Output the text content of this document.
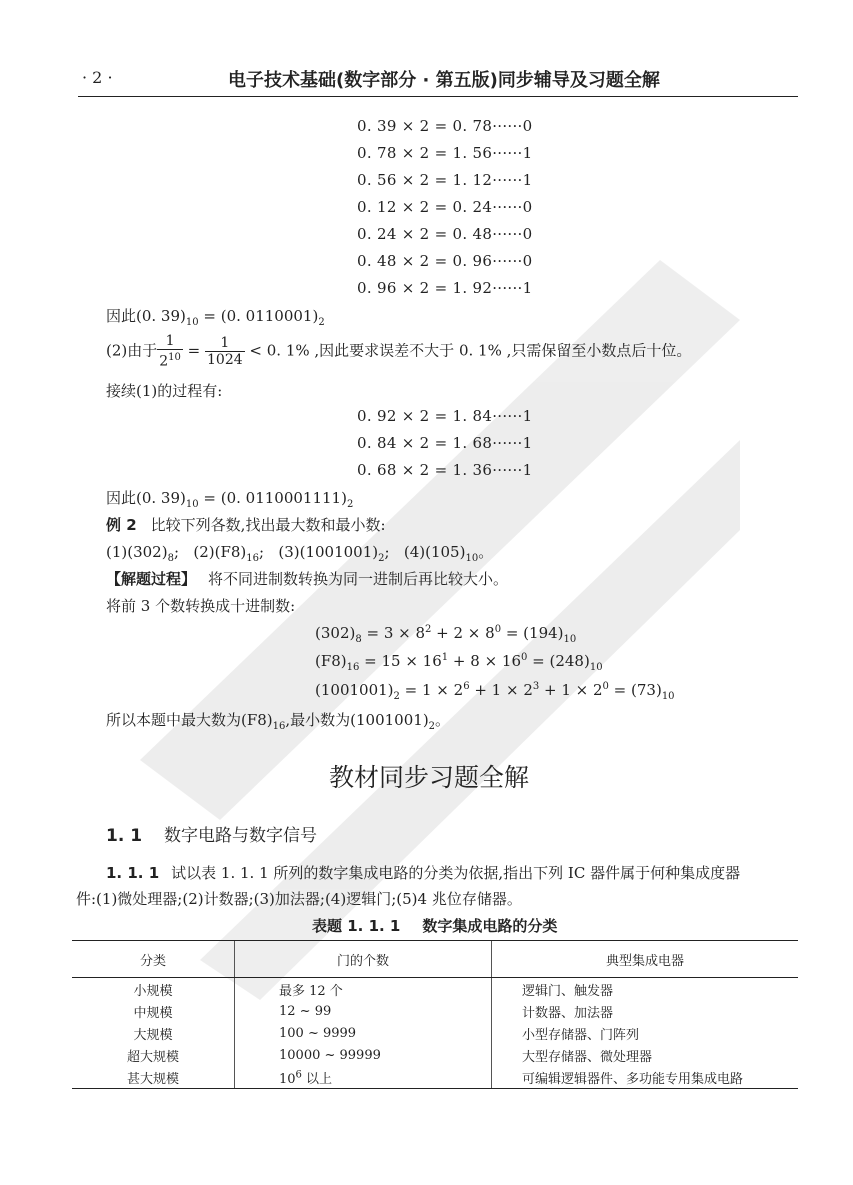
· 2 ·	电子技术基础(数字部分 · 第五版)同步辅导及习题全解
0. 39 × 2 = 0. 78······0
0. 78 × 2 = 1. 56······1
0. 56 × 2 = 1. 12······1
0. 12 × 2 = 0. 24······0
0. 24 × 2 = 0. 48······0
0. 48 × 2 = 0. 96······0
0. 96 × 2 = 1. 92······1
因此(0. $39)_{10} = (0$. $0110001)_2$
(2)由于 $\frac{1}{2^{10}} = \frac{1}{1024} < 0$. 1% ,因此要求误差不大于 0. 1% ,只需保留至小数点后十位。
接续(1)的过程有:
0. 92 × 2 = 1. 84······1
0. 84 × 2 = 1. 68······1
0. 68 × 2 = 1. 36······1
因此(0. $39)_{10} = (0$. $0110001111)_2$
例 2 比较下列各数,找出最大数和最小数:
$(1)(302)_8$; $(2)(F8)_{16}$; $(3)(1001001)_2$; $(4)(105)_{10}$。
【解题过程】 将不同进制数转换为同一进制后再比较大小。
将前 3 个数转换成十进制数:
$(302)_8 = 3 \times 8^2 + 2 \times 8^0 = (194)_{10}$
$(F8)_{16} = 15 \times 16^1 + 8 \times 16^0 = (248)_{10}$
$(1001001)_2 = 1 \times 2^6 + 1 \times 2^3 + 1 \times 2^0 = (73)_{10}$
所以本题中最大数为$(F8)_{16}$,最小数为$(1001001)_2$。
教材同步习题全解
1. 1 数字电路与数字信号
1. 1. 1 试以表 1. 1. 1 所列的数字集成电路的分类为依据,指出下列 IC 器件属于何种集成度器
件:(1)微处理器;(2)计数器;(3)加法器;(4)逻辑门;(5)4 兆位存储器。
表题 1. 1. 1 数字集成电路的分类
分类	门的个数	典型集成电器
小规模	最多 12 个	逻辑门、触发器
中规模	12 ~ 99	计数器、加法器
大规模	100 ~ 9999	小型存储器、门阵列
超大规模	10000 ~ 99999	大型存储器、微处理器
甚大规模	$10^6$ 以上	可编辑逻辑器件、多功能专用集成电路
